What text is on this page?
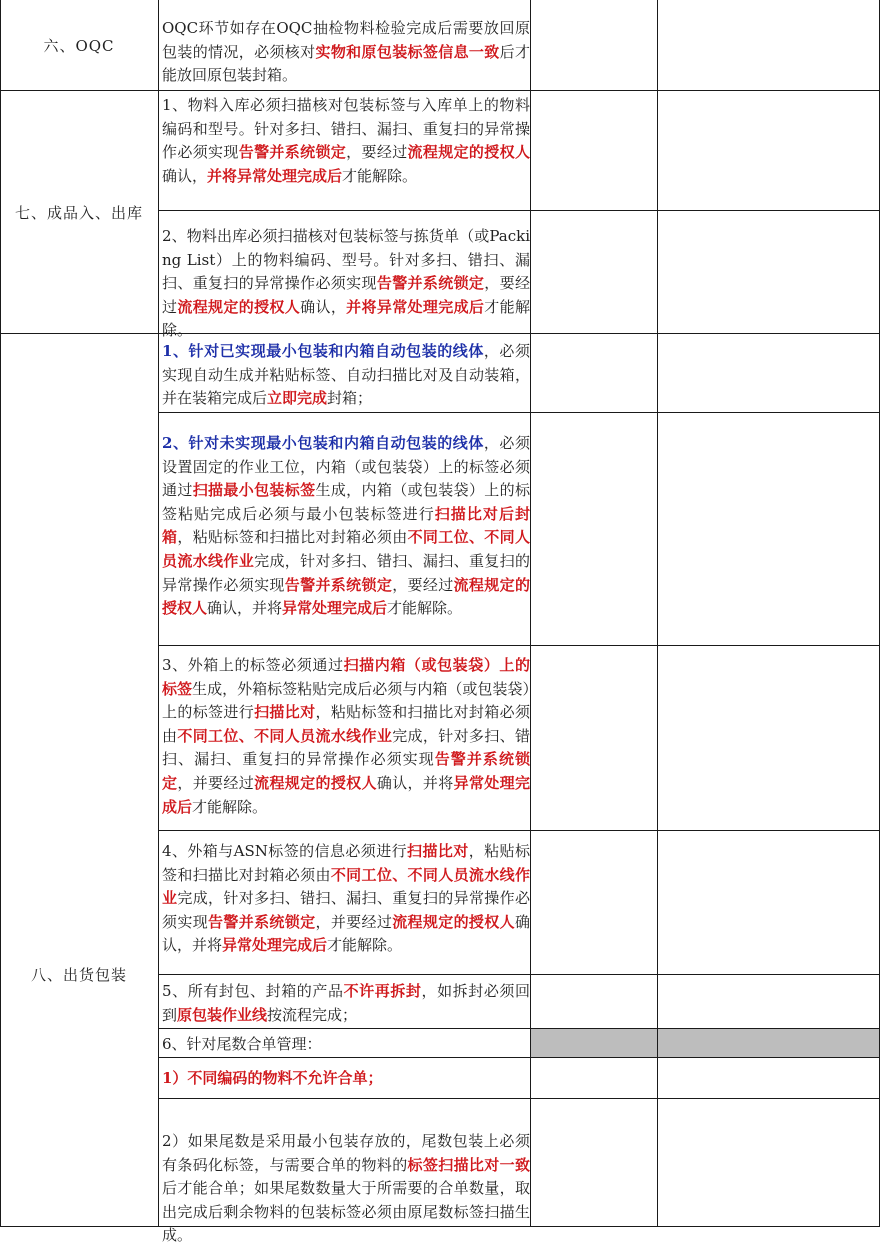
六、OQC
七、成品入、出库
八、出货包装
OQC环节如存在OQC抽检物料检验完成后需要放回原包装的情况，必须核对实物和原包装标签信息一致后才能放回原包装封箱。
1、物料入库必须扫描核对包装标签与入库单上的物料编码和型号。针对多扫、错扫、漏扫、重复扫的异常操作必须实现告警并系统锁定，要经过流程规定的授权人确认，并将异常处理完成后才能解除。
2、物料出库必须扫描核对包装标签与拣货单（或Packing List）上的物料编码、型号。针对多扫、错扫、漏扫、重复扫的异常操作必须实现告警并系统锁定，要经过流程规定的授权人确认，并将异常处理完成后才能解除。
1、针对已实现最小包装和内箱自动包装的线体，必须实现自动生成并粘贴标签、自动扫描比对及自动装箱，并在装箱完成后立即完成封箱；
2、针对未实现最小包装和内箱自动包装的线体，必须设置固定的作业工位，内箱（或包装袋）上的标签必须通过扫描最小包装标签生成，内箱（或包装袋）上的标签粘贴完成后必须与最小包装标签进行扫描比对后封箱，粘贴标签和扫描比对封箱必须由不同工位、不同人员流水线作业完成，针对多扫、错扫、漏扫、重复扫的异常操作必须实现告警并系统锁定，要经过流程规定的授权人确认，并将异常处理完成后才能解除。
3、外箱上的标签必须通过扫描内箱（或包装袋）上的标签生成，外箱标签粘贴完成后必须与内箱（或包装袋）上的标签进行扫描比对，粘贴标签和扫描比对封箱必须由不同工位、不同人员流水线作业完成，针对多扫、错扫、漏扫、重复扫的异常操作必须实现告警并系统锁定，并要经过流程规定的授权人确认，并将异常处理完成后才能解除。
4、外箱与ASN标签的信息必须进行扫描比对，粘贴标签和扫描比对封箱必须由不同工位、不同人员流水线作业完成，针对多扫、错扫、漏扫、重复扫的异常操作必须实现告警并系统锁定，并要经过流程规定的授权人确认，并将异常处理完成后才能解除。
5、所有封包、封箱的产品不许再拆封，如拆封必须回到原包装作业线按流程完成；
6、针对尾数合单管理：
1）不同编码的物料不允许合单；
2）如果尾数是采用最小包装存放的，尾数包装上必须有条码化标签，与需要合单的物料的标签扫描比对一致后才能合单；如果尾数数量大于所需要的合单数量，取出完成后剩余物料的包装标签必须由原尾数标签扫描生成。
